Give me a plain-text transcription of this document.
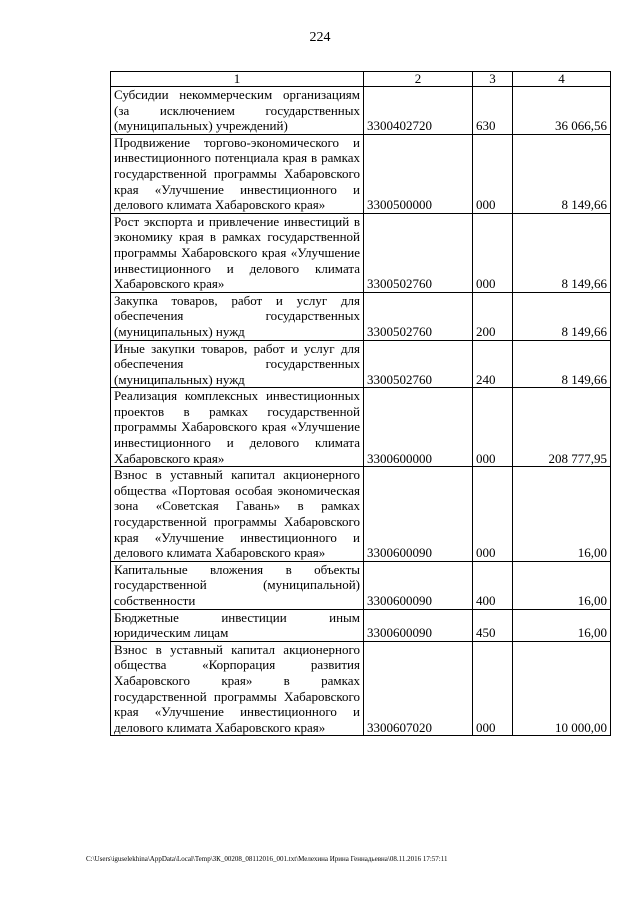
224
1	2	3	4
Субсидии некоммерческим организациям (за исключением государственных (муниципальных) учреждений)	3300402720	630	36 066,56
Продвижение торгово-экономического и инвестиционного потенциала края в рамках государственной программы Хабаровского края «Улучшение инвестиционного и делового климата Хабаровского края»	3300500000	000	8 149,66
Рост экспорта и привлечение инвестиций в экономику края в рамках государственной программы Хабаровского края «Улучшение инвестиционного и делового климата Хабаровского края»	3300502760	000	8 149,66
Закупка товаров, работ и услуг для обеспечения государственных (муниципальных) нужд	3300502760	200	8 149,66
Иные закупки товаров, работ и услуг для обеспечения государственных (муниципальных) нужд	3300502760	240	8 149,66
Реализация комплексных инвестиционных проектов в рамках государственной программы Хабаровского края «Улучшение инвестиционного и делового климата Хабаровского края»	3300600000	000	208 777,95
Взнос в уставный капитал акционерного общества «Портовая особая экономическая зона «Советская Гавань» в рамках государственной программы Хабаровского края «Улучшение инвестиционного и делового климата Хабаровского края»	3300600090	000	16,00
Капитальные вложения в объекты государственной (муниципальной) собственности	3300600090	400	16,00
Бюджетные инвестиции иным юридическим лицам	3300600090	450	16,00
Взнос в уставный капитал акционерного общества «Корпорация развития Хабаровского края» в рамках государственной программы Хабаровского края «Улучшение инвестиционного и делового климата Хабаровского края»	3300607020	000	10 000,00
C:\Users\iguselekhina\AppData\Local\Temp\ЗК_00208_08112016_001.txt\Мелехина Ирина Геннадьевна\08.11.2016 17:57:11
